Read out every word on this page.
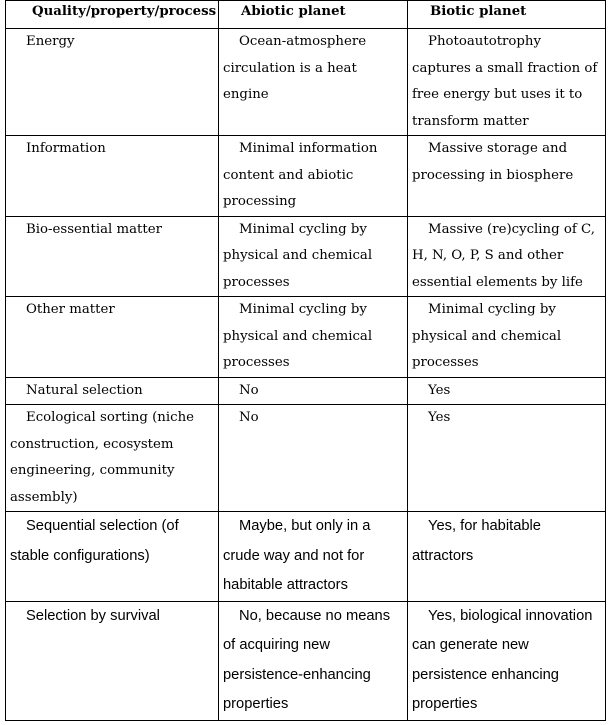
Quality/property/process	Abiotic planet	Biotic planet
Energy	Ocean-atmosphere circulation is a heat engine	Photoautotrophy captures a small fraction of free energy but uses it to transform matter
Information	Minimal information content and abiotic processing	Massive storage and processing in biosphere
Bio-essential matter	Minimal cycling by physical and chemical processes	Massive (re)cycling of C, H, N, O, P, S and other essential elements by life
Other matter	Minimal cycling by physical and chemical processes	Minimal cycling by physical and chemical processes
Natural selection	No	Yes
Ecological sorting (niche construction, ecosystem engineering, community assembly)	No	Yes
Sequential selection (of stable configurations)	Maybe, but only in a crude way and not for habitable attractors	Yes, for habitable attractors
Selection by survival	No, because no means of acquiring new persistence-enhancing properties	Yes, biological innovation can generate new persistence enhancing properties
